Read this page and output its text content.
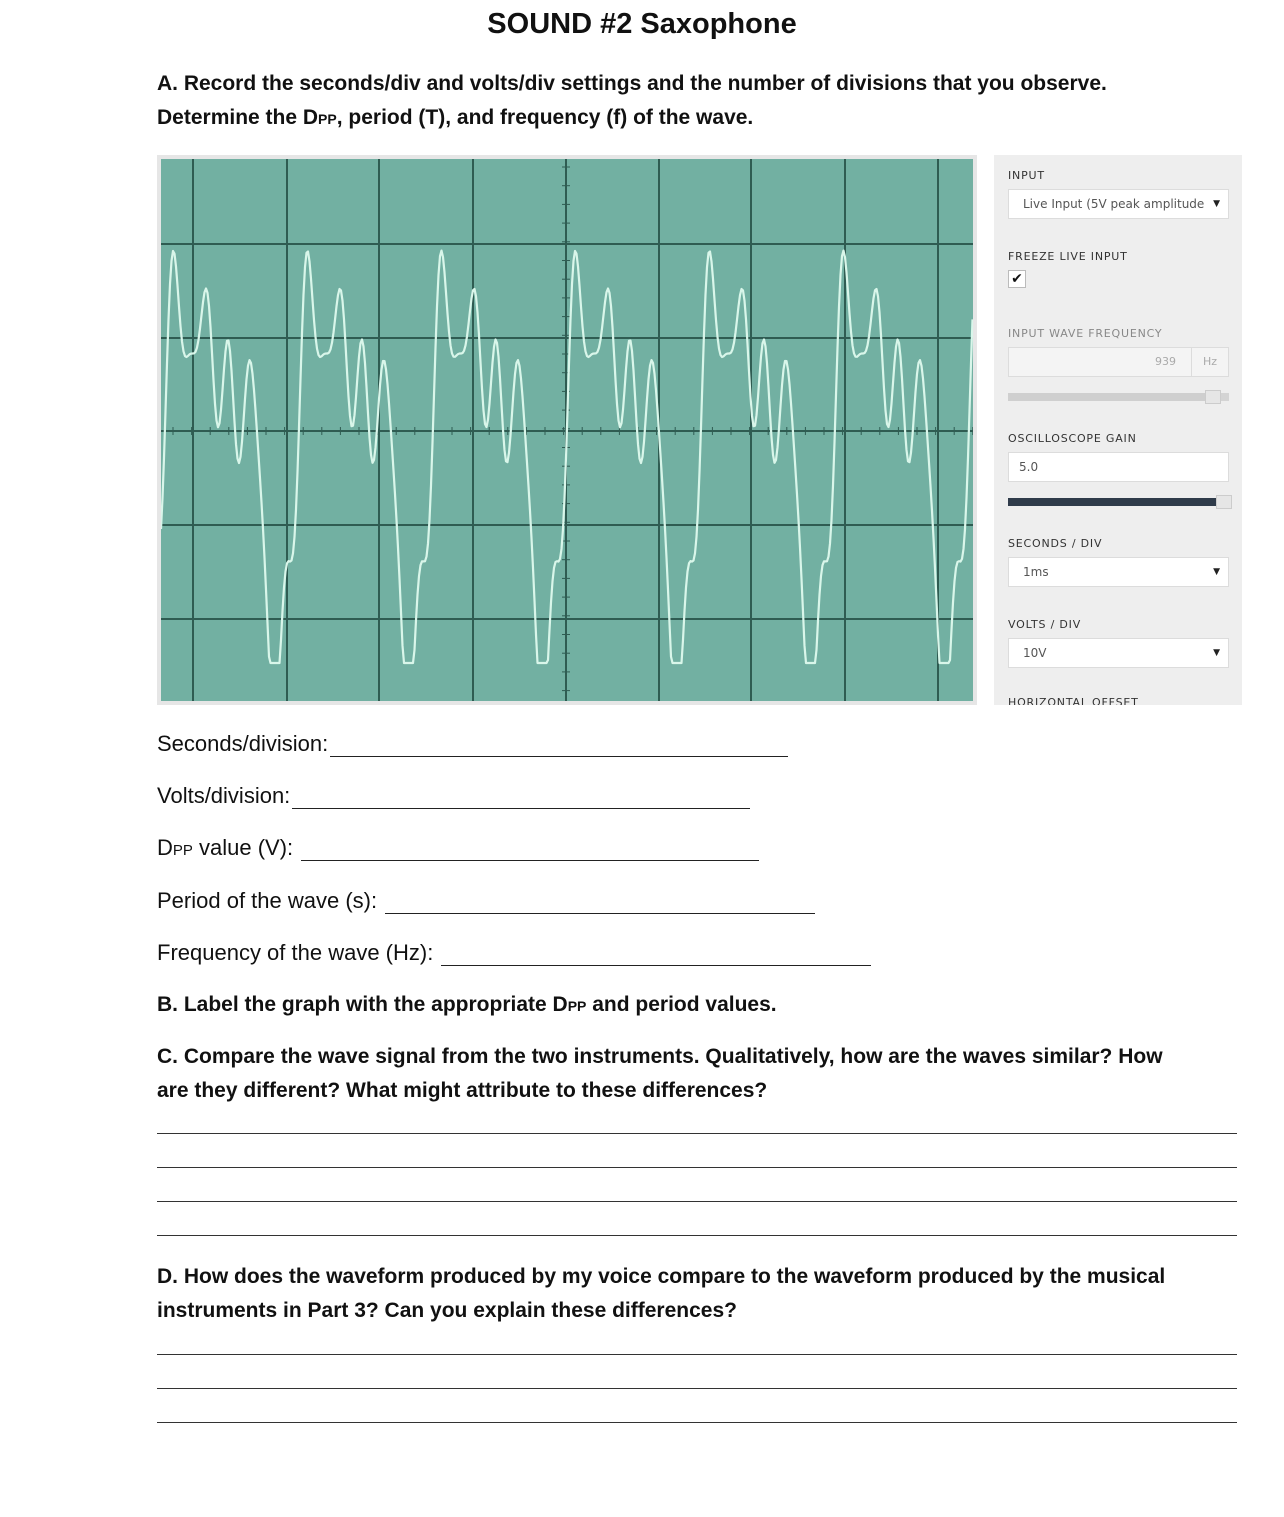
SOUND #2 Saxophone
A. Record the seconds/div and volts/div settings and the number of divisions that you observe.
Determine the DPP, period (T), and frequency (f) of the wave.
INPUT
Live Input (5V peak amplitude ▼
FREEZE LIVE INPUT
✔
INPUT WAVE FREQUENCY
939	Hz
OSCILLOSCOPE GAIN
5.0
SECONDS / DIV
1ms	▼
VOLTS / DIV
10V	▼
HORIZONTAL OFFSET
Seconds/division:
Volts/division:
DPP value (V):
Period of the wave (s):
Frequency of the wave (Hz):
B. Label the graph with the appropriate DPP and period values.
C. Compare the wave signal from the two instruments. Qualitatively, how are the waves similar? How
are they different? What might attribute to these differences?
D. How does the waveform produced by my voice compare to the waveform produced by the musical
instruments in Part 3? Can you explain these differences?
